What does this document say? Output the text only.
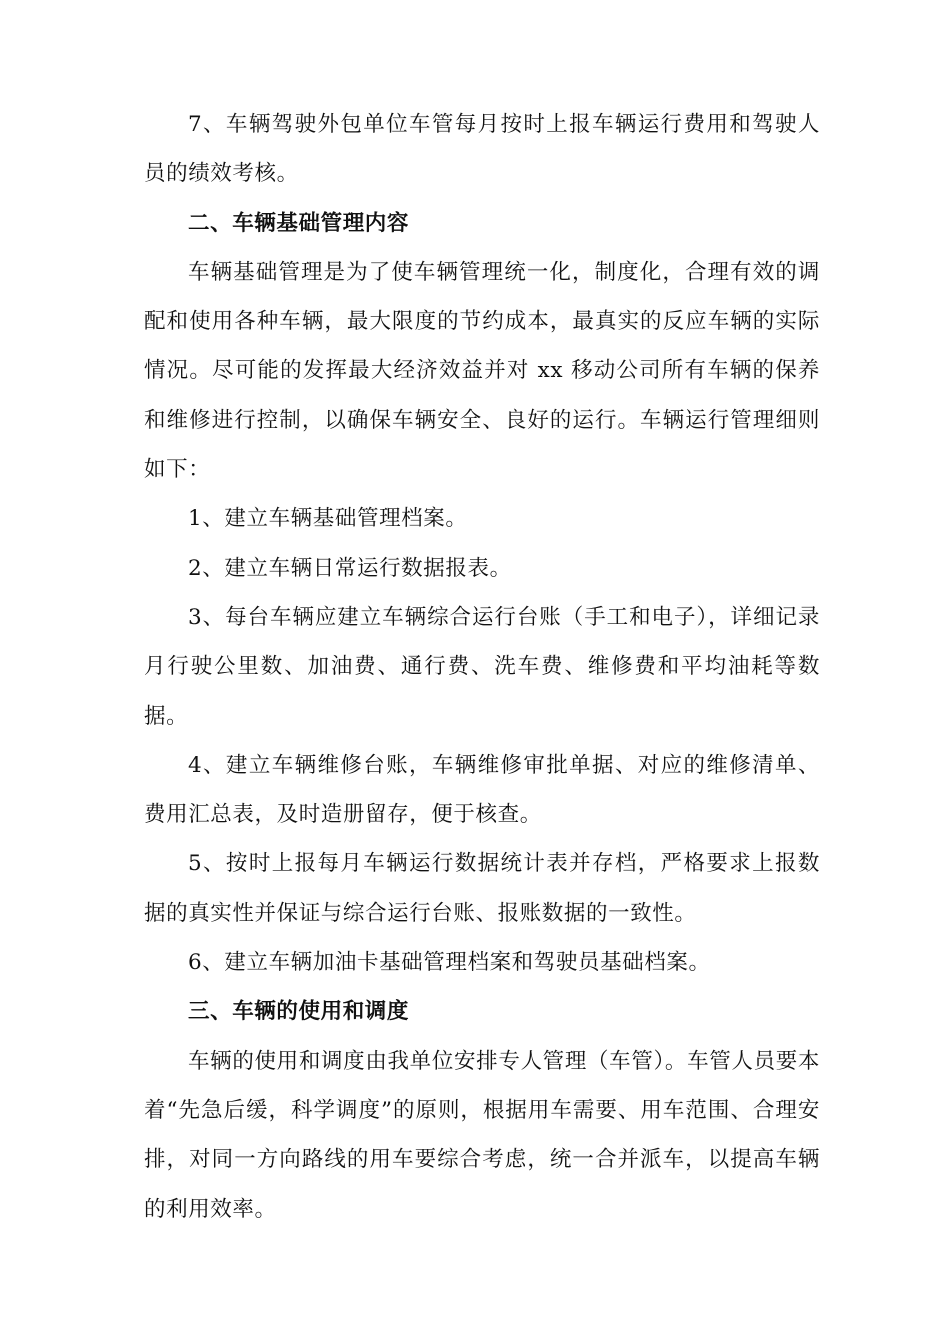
7、车辆驾驶外包单位车管每月按时上报车辆运行费用和驾驶人员的绩效考核。

二、车辆基础管理内容

车辆基础管理是为了使车辆管理统一化，制度化，合理有效的调配和使用各种车辆，最大限度的节约成本，最真实的反应车辆的实际情况。尽可能的发挥最大经济效益并对 xx 移动公司所有车辆的保养和维修进行控制，以确保车辆安全、良好的运行。车辆运行管理细则如下：

1、建立车辆基础管理档案。

2、建立车辆日常运行数据报表。

3、每台车辆应建立车辆综合运行台账（手工和电子），详细记录月行驶公里数、加油费、通行费、洗车费、维修费和平均油耗等数据。

4、建立车辆维修台账，车辆维修审批单据、对应的维修清单、费用汇总表，及时造册留存，便于核查。

5、按时上报每月车辆运行数据统计表并存档，严格要求上报数据的真实性并保证与综合运行台账、报账数据的一致性。

6、建立车辆加油卡基础管理档案和驾驶员基础档案。

三、车辆的使用和调度

车辆的使用和调度由我单位安排专人管理（车管）。车管人员要本着“先急后缓，科学调度”的原则，根据用车需要、用车范围、合理安排，对同一方向路线的用车要综合考虑，统一合并派车，以提高车辆的利用效率。
